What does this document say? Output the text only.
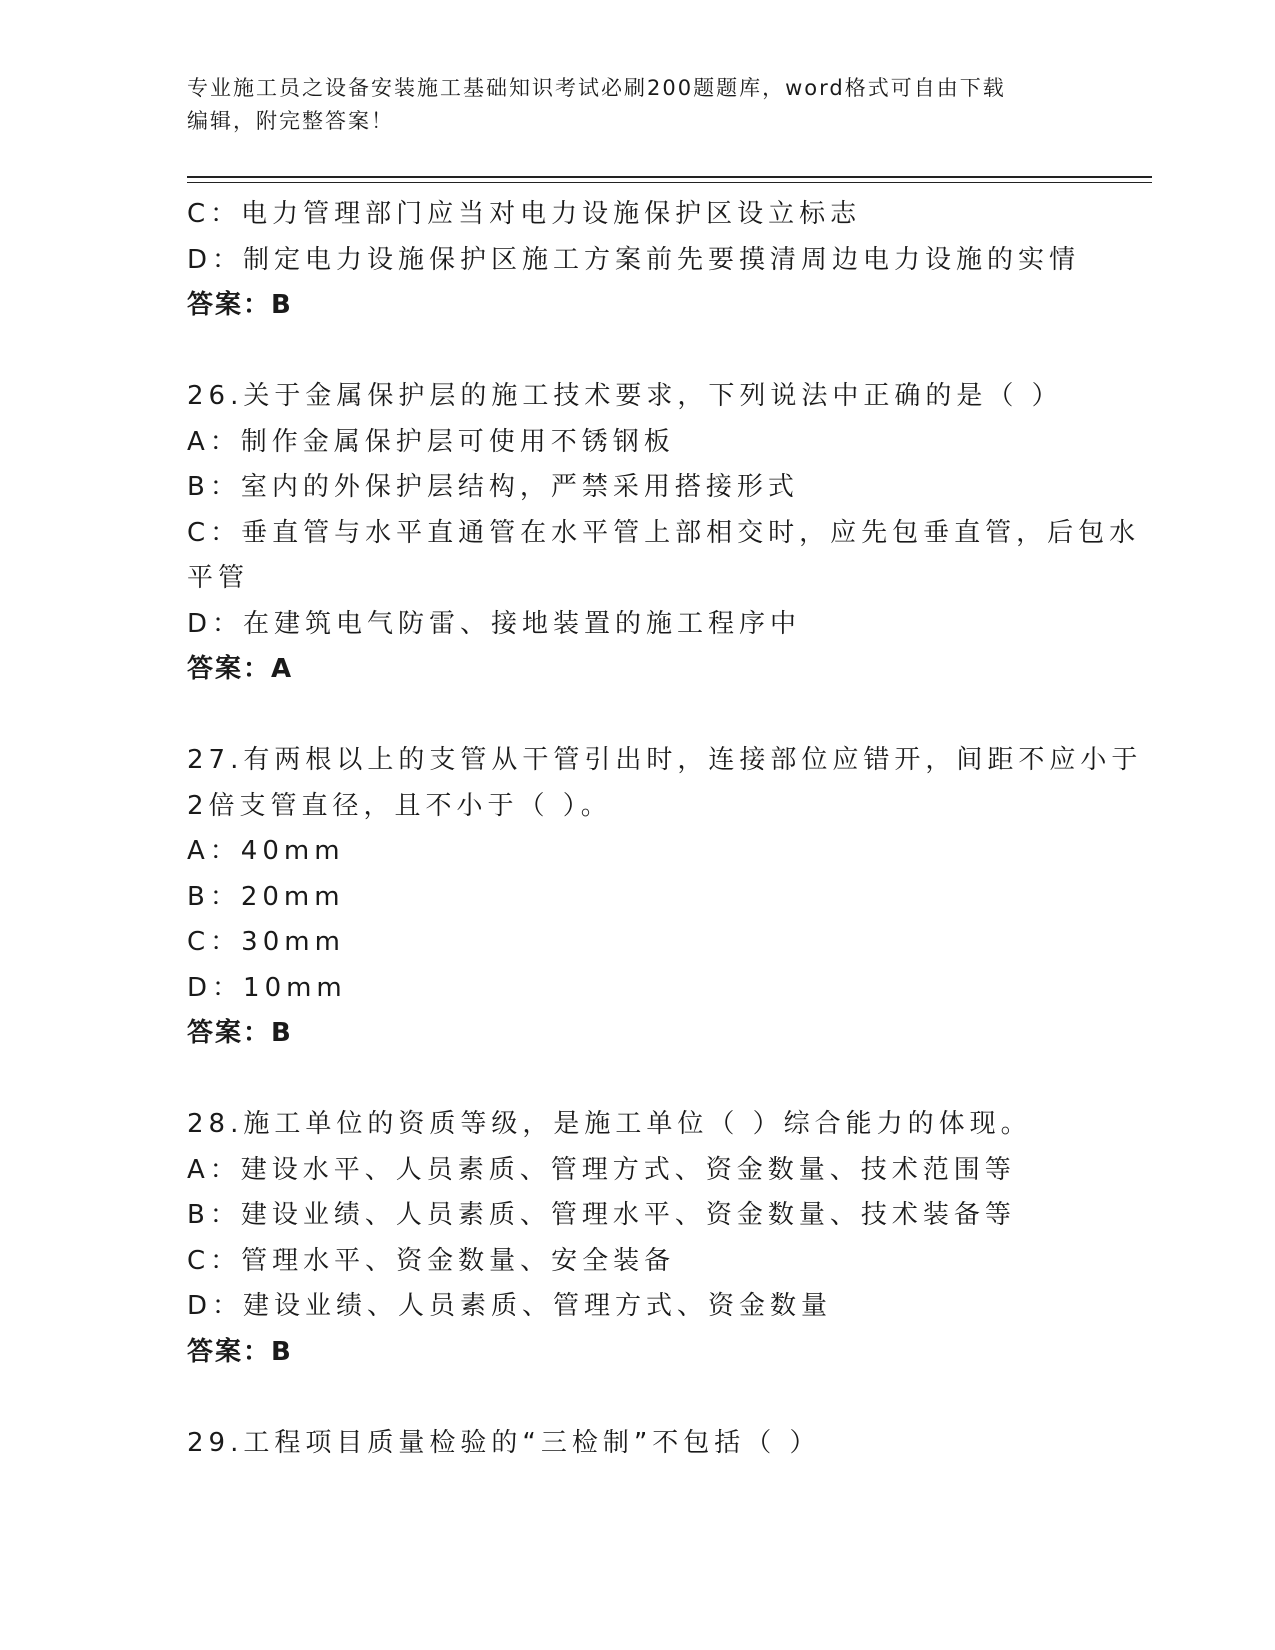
专业施工员之设备安装施工基础知识考试必刷200题题库，word格式可自由下载
编辑，附完整答案！
C：电力管理部门应当对电力设施保护区设立标志
D：制定电力设施保护区施工方案前先要摸清周边电力设施的实情
答案：B
26.关于金属保护层的施工技术要求，下列说法中正确的是（ ）
A：制作金属保护层可使用不锈钢板
B：室内的外保护层结构，严禁采用搭接形式
C：垂直管与水平直通管在水平管上部相交时，应先包垂直管，后包水
平管
D：在建筑电气防雷、接地装置的施工程序中
答案：A
27.有两根以上的支管从干管引出时，连接部位应错开，间距不应小于
2倍支管直径，且不小于（ ）。
A：40mm
B：20mm
C：30mm
D：10mm
答案：B
28.施工单位的资质等级，是施工单位（ ）综合能力的体现。
A：建设水平、人员素质、管理方式、资金数量、技术范围等
B：建设业绩、人员素质、管理水平、资金数量、技术装备等
C：管理水平、资金数量、安全装备
D：建设业绩、人员素质、管理方式、资金数量
答案：B
29.工程项目质量检验的“三检制”不包括（ ）
